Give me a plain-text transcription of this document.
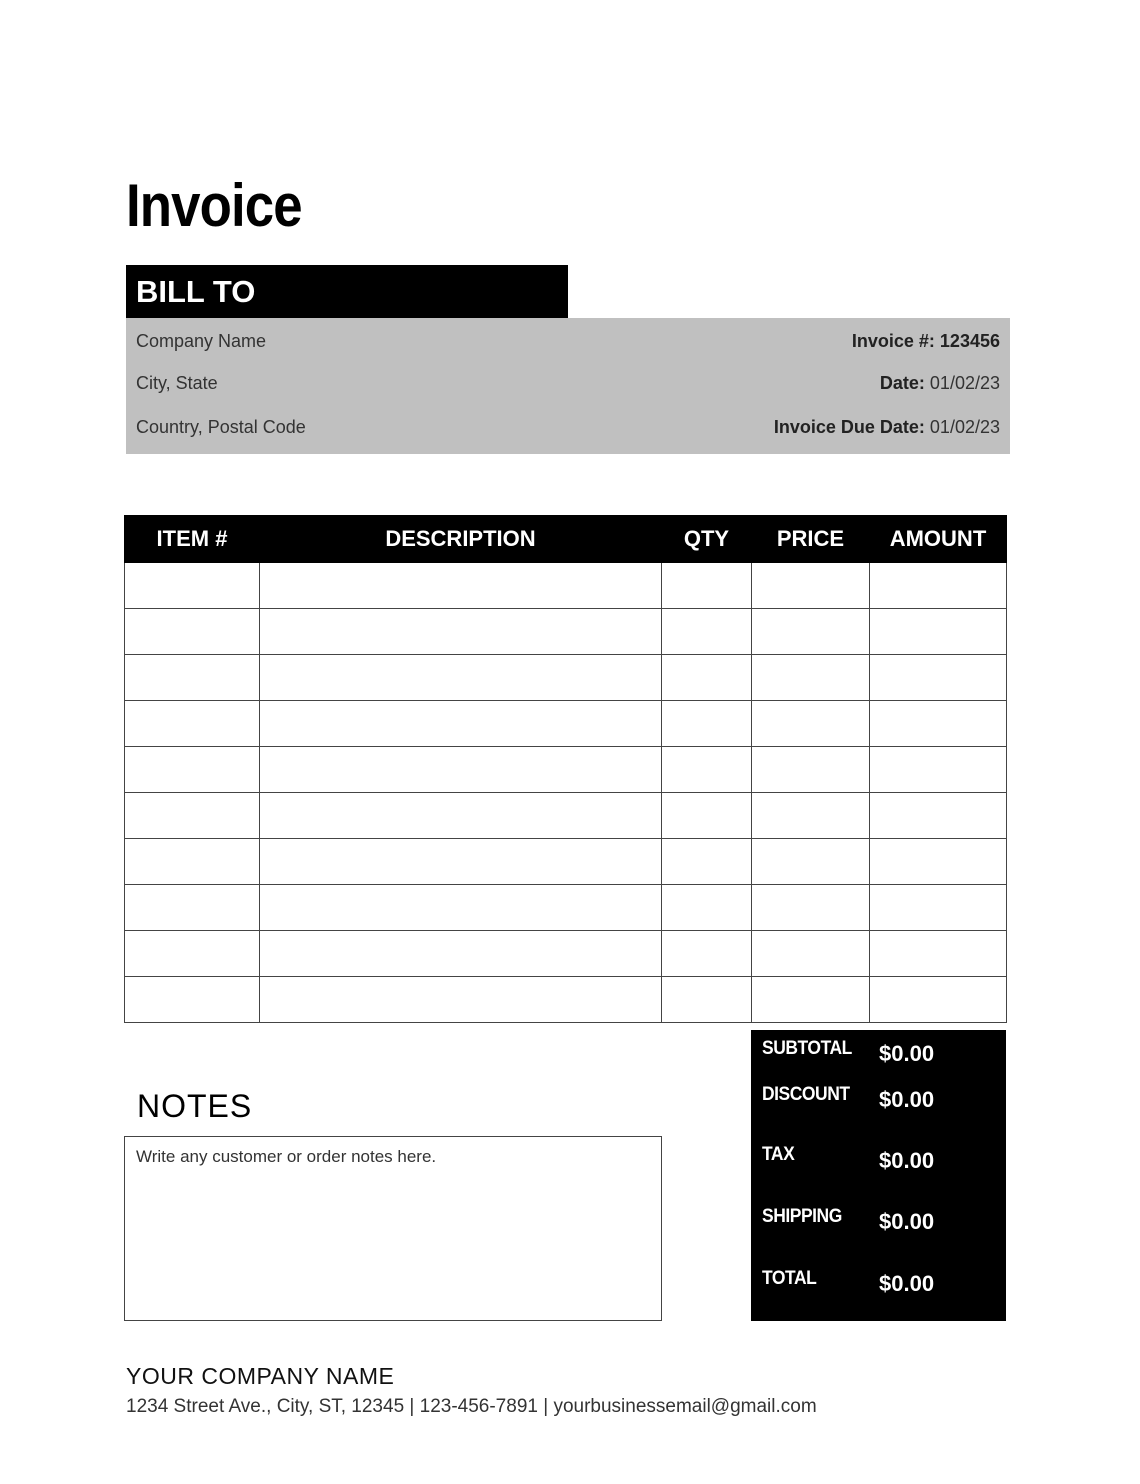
Invoice
BILL TO
Company Name
City, State
Country, Postal Code
Invoice #: 123456
Date: 01/02/23
Invoice Due Date: 01/02/23
ITEM #	DESCRIPTION	QTY	PRICE	AMOUNT

NOTES
Write any customer or order notes here.
SUBTOTAL $0.00
DISCOUNT $0.00
TAX	$0.00
SHIPPING $0.00
TOTAL	$0.00
YOUR COMPANY NAME
1234 Street Ave., City, ST, 12345 | 123-456-7891 | yourbusinessemail@gmail.com
